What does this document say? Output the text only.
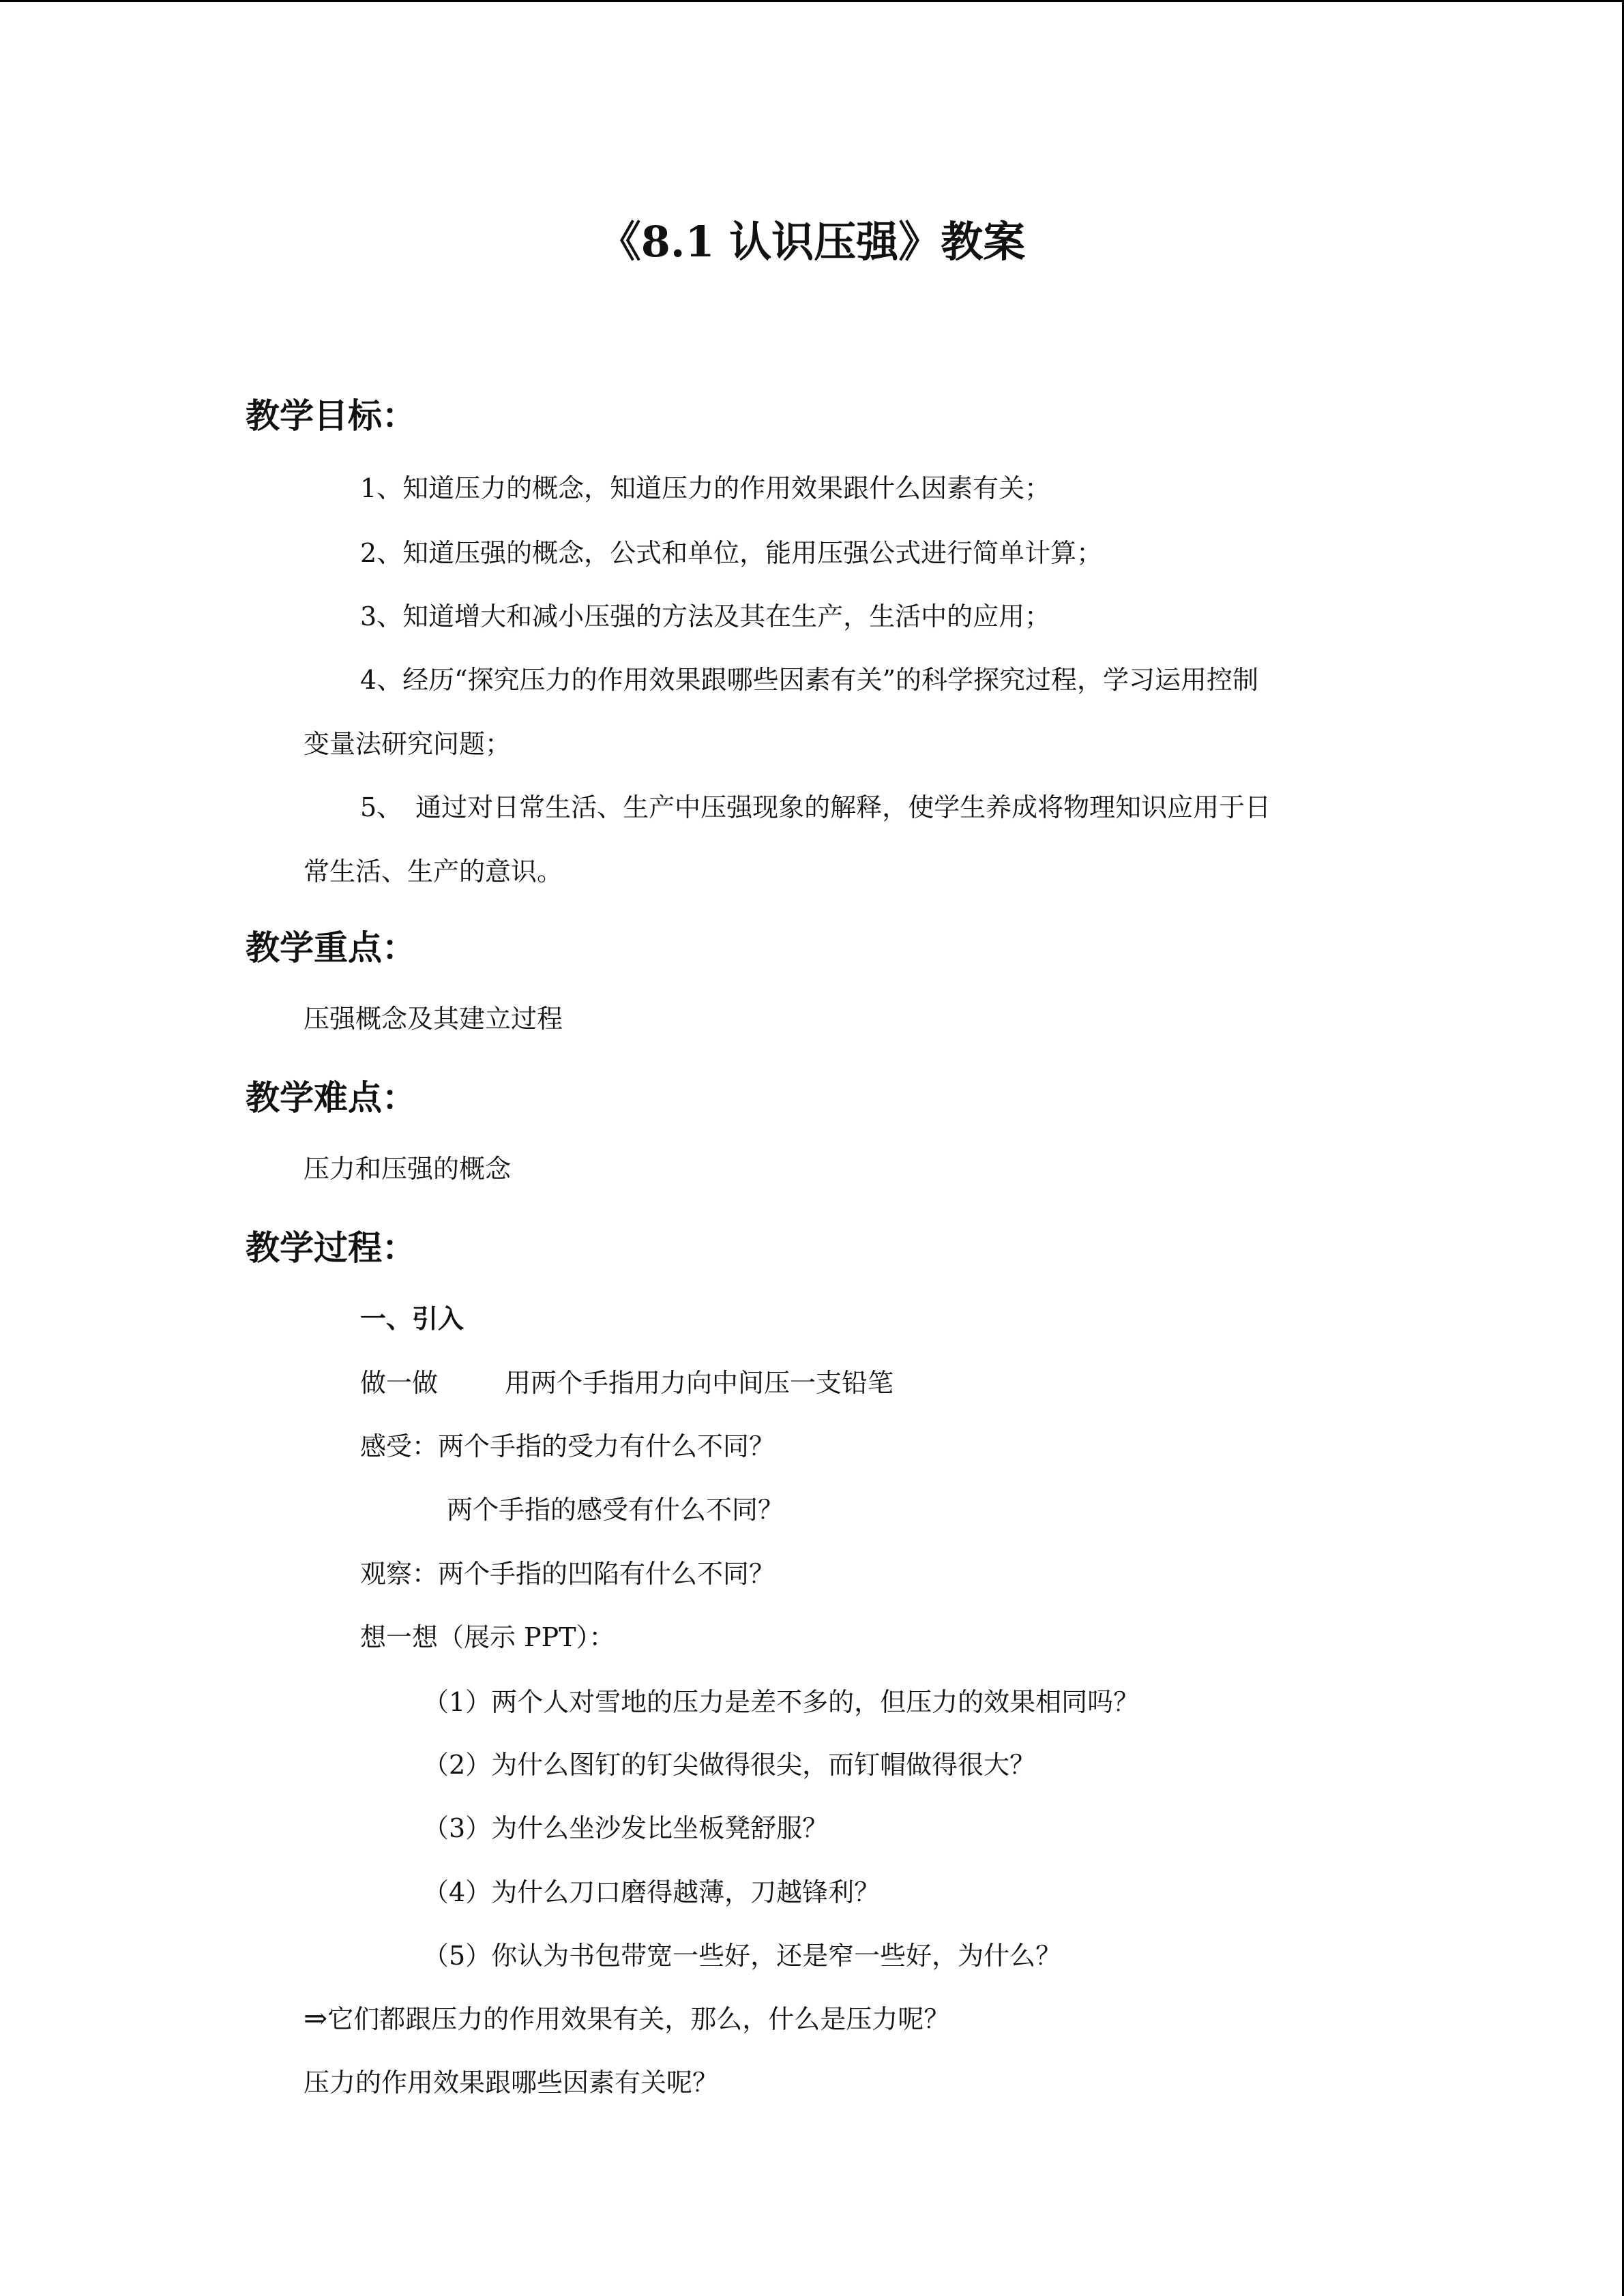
《8.1 认识压强》教案
教学目标：
1、知道压力的概念，知道压力的作用效果跟什么因素有关；
2、知道压强的概念，公式和单位，能用压强公式进行简单计算；
3、知道增大和减小压强的方法及其在生产，生活中的应用；
4、经历“探究压力的作用效果跟哪些因素有关”的科学探究过程，学习运用控制
变量法研究问题；
5、　通过对日常生活、生产中压强现象的解释，使学生养成将物理知识应用于日
常生活、生产的意识。
教学重点：
压强概念及其建立过程
教学难点：
压力和压强的概念
教学过程：
一、引入
做一做	用两个手指用力向中间压一支铅笔
感受：两个手指的受力有什么不同？
两个手指的感受有什么不同？
观察：两个手指的凹陷有什么不同？
想一想（展示 PPT）：
（1）两个人对雪地的压力是差不多的，但压力的效果相同吗？
（2）为什么图钉的钉尖做得很尖，而钉帽做得很大？
（3）为什么坐沙发比坐板凳舒服？
（4）为什么刀口磨得越薄，刀越锋利？
（5）你认为书包带宽一些好，还是窄一些好，为什么？
⇒它们都跟压力的作用效果有关，那么，什么是压力呢？
压力的作用效果跟哪些因素有关呢？
